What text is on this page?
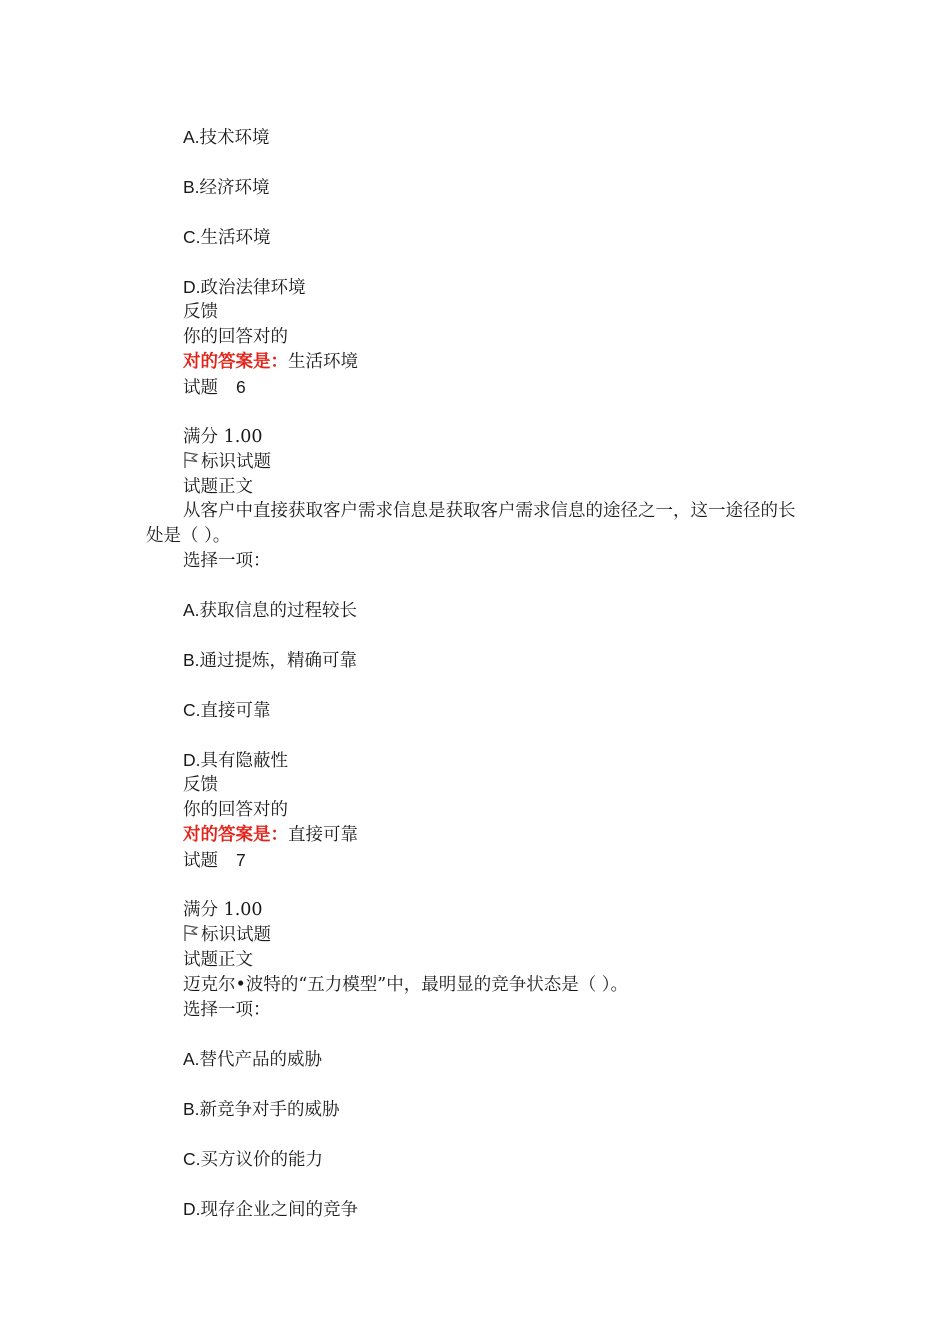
A.技术环境
B.经济环境
C.生活环境
D.政治法律环境
反馈
你的回答对的
对的答案是：生活环境
试题 6
满分 1.00
标识试题
试题正文
从客户中直接获取客户需求信息是获取客户需求信息的途径之一，这一途径的长处是（ ）。
选择一项：
A.获取信息的过程较长
B.通过提炼，精确可靠
C.直接可靠
D.具有隐蔽性
反馈
你的回答对的
对的答案是：直接可靠
试题 7
满分 1.00
标识试题
试题正文
迈克尔•波特的“五力模型”中，最明显的竞争状态是（ ）。
选择一项：
A.替代产品的威胁
B.新竞争对手的威胁
C.买方议价的能力
D.现存企业之间的竞争
